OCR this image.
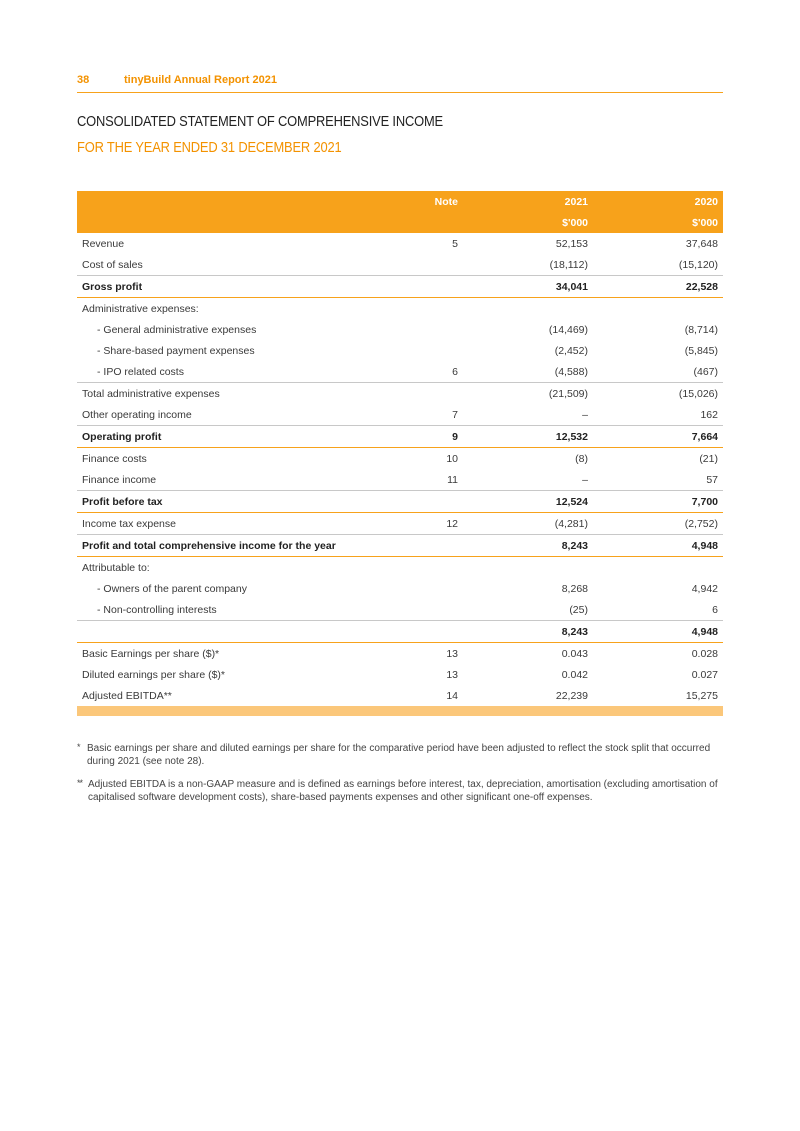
38	tinyBuild Annual Report 2021
CONSOLIDATED STATEMENT OF COMPREHENSIVE INCOME
FOR THE YEAR ENDED 31 DECEMBER 2021
	Note	2021	2020
		$'000	$'000
Revenue	5	52,153	37,648
Cost of sales		(18,112)	(15,120)
Gross profit		34,041	22,528
Administrative expenses:			
- General administrative expenses		(14,469)	(8,714)
- Share-based payment expenses		(2,452)	(5,845)
- IPO related costs	6	(4,588)	(467)
Total administrative expenses		(21,509)	(15,026)
Other operating income	7	–	162
Operating profit	9	12,532	7,664
Finance costs	10	(8)	(21)
Finance income	11	–	57
Profit before tax		12,524	7,700
Income tax expense	12	(4,281)	(2,752)
Profit and total comprehensive income for the year		8,243	4,948
Attributable to:			
- Owners of the parent company		8,268	4,942
- Non-controlling interests		(25)	6
		8,243	4,948
Basic Earnings per share ($)*	13	0.043	0.028
Diluted earnings per share ($)*	13	0.042	0.027
Adjusted EBITDA**	14	22,239	15,275

* Basic earnings per share and diluted earnings per share for the comparative period have been adjusted to reflect the stock split that occurred during 2021 (see note 28).
** Adjusted EBITDA is a non-GAAP measure and is defined as earnings before interest, tax, depreciation, amortisation (excluding amortisation of capitalised software development costs), share-based payments expenses and other significant one-off expenses.
